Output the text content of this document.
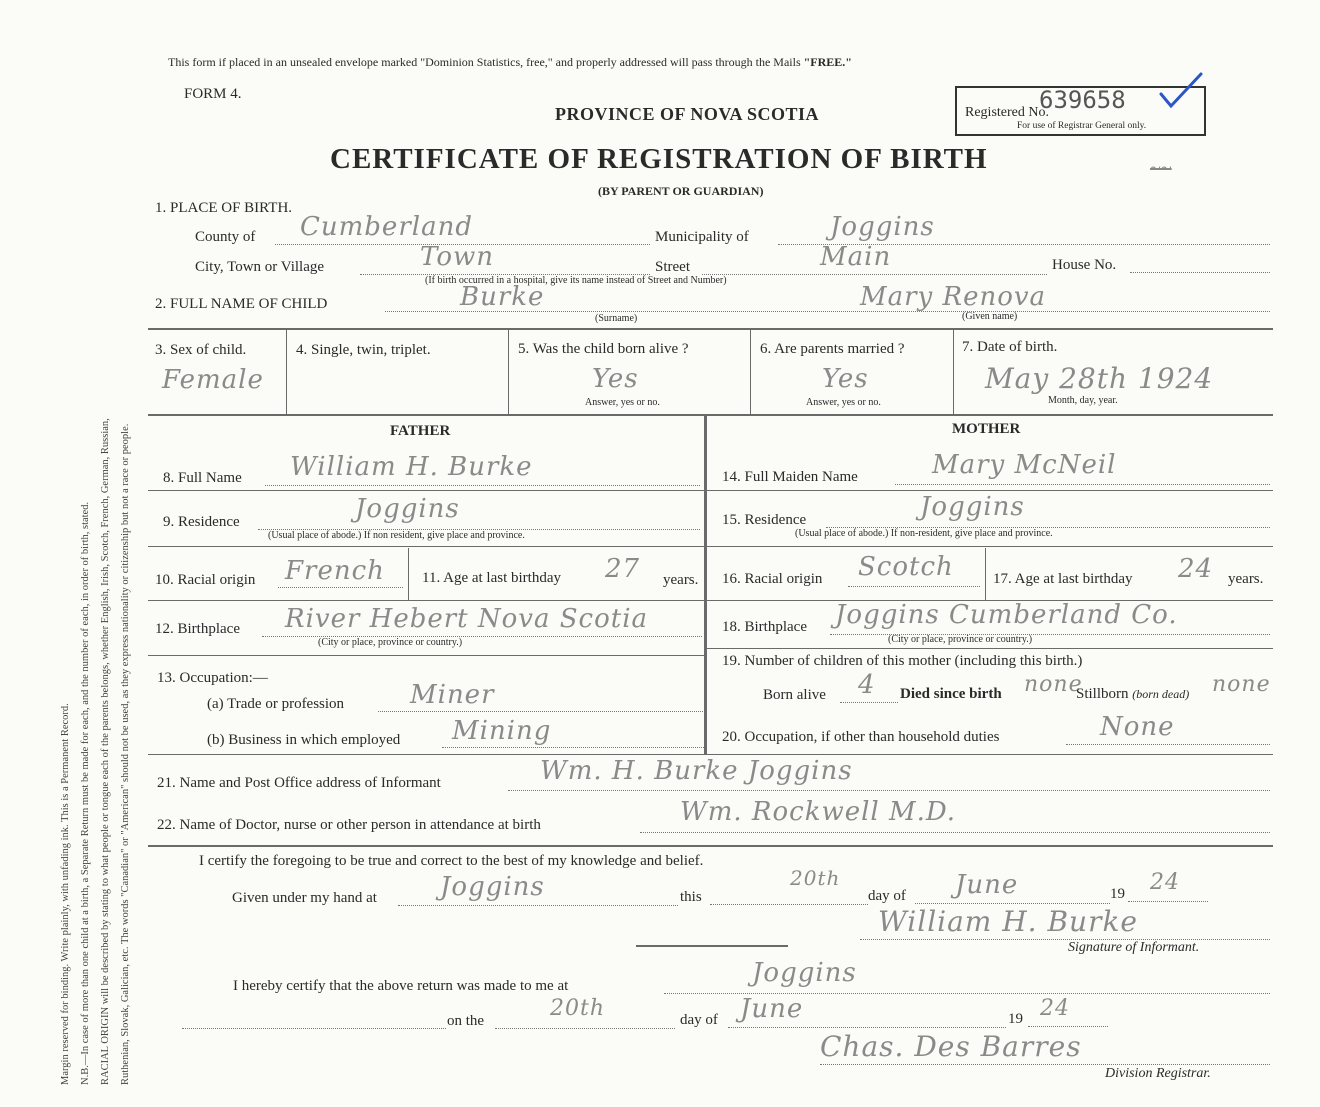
Margin reserved for binding. Write plainly, with unfading ink. This is a Permanent Record. N.B.—In case of more than one child at a birth, a Separate Return must be made for each, and the number of each, in order of birth, stated. RACIAL ORIGIN will be described by stating to what people or tongue each of the parents belongs, whether English, Irish, Scotch, French, German, Russian, Ruthenian, Slovak, Galician, etc. The words "Canadian" or "American" should not be used, as they express nationality or citizenship but not a race or people.
This form if placed in an unsealed envelope marked "Dominion Statistics, free," and properly addressed will pass through the Mails "FREE."
FORM 4.
PROVINCE OF NOVA SCOTIA
CERTIFICATE OF REGISTRATION OF BIRTH
(BY PARENT OR GUARDIAN)
Registered No.
639658
For use of Registrar General only.
~~
1. PLACE OF BIRTH.
County of Cumberland	Municipality of	Joggins
City, Town or Village	Town	Street	Main	House No.
(If birth occurred in a hospital, give its name instead of Street and Number)
2. FULL NAME OF CHILD	Burke	Mary Renova
(Surname)	(Given name)
3. Sex of child.
Female
4. Single, twin, triplet.	5. Was the child born alive ?
Yes
Answer, yes or no.
6. Are parents married ?
Yes
Answer, yes or no.
7. Date of birth.
May 28th 1924
Month, day, year.
FATHER	MOTHER
8. Full Name William H. Burke
9. Residence	Joggins
(Usual place of abode.) If non resident, give place and province.
10. Racial origin French 11. Age at last birthday 27 years.
12. Birthplace River Hebert Nova Scotia
(City or place, province or country.)
13. Occupation:—
(a) Trade or profession	Miner
(b) Business in which employed Mining
14. Full Maiden Name	Mary McNeil
15. Residence	Joggins
(Usual place of abode.) If non-resident, give place and province.
16. Racial origin Scotch	17. Age at last birthday 24 years.
18. Birthplace Joggins Cumberland Co.
(City or place, province or country.)
19. Number of children of this mother (including this birth.)
Born alive 4 Died since birth none
Stillborn (born dead) none
20. Occupation, if other than household duties	None
21. Name and Post Office address of Informant	Wm. H. Burke Joggins
22. Name of Doctor, nurse or other person in attendance at birth	Wm. Rockwell M.D.
I certify the foregoing to be true and correct to the best of my knowledge and belief.
Given under my hand at Joggins	this
20th
day of June	19 24
William H. Burke
Signature of Informant.
I hereby certify that the above return was made to me at	Joggins
on the	20th	day of June	19 24
Chas. Des Barres
Division Registrar.
